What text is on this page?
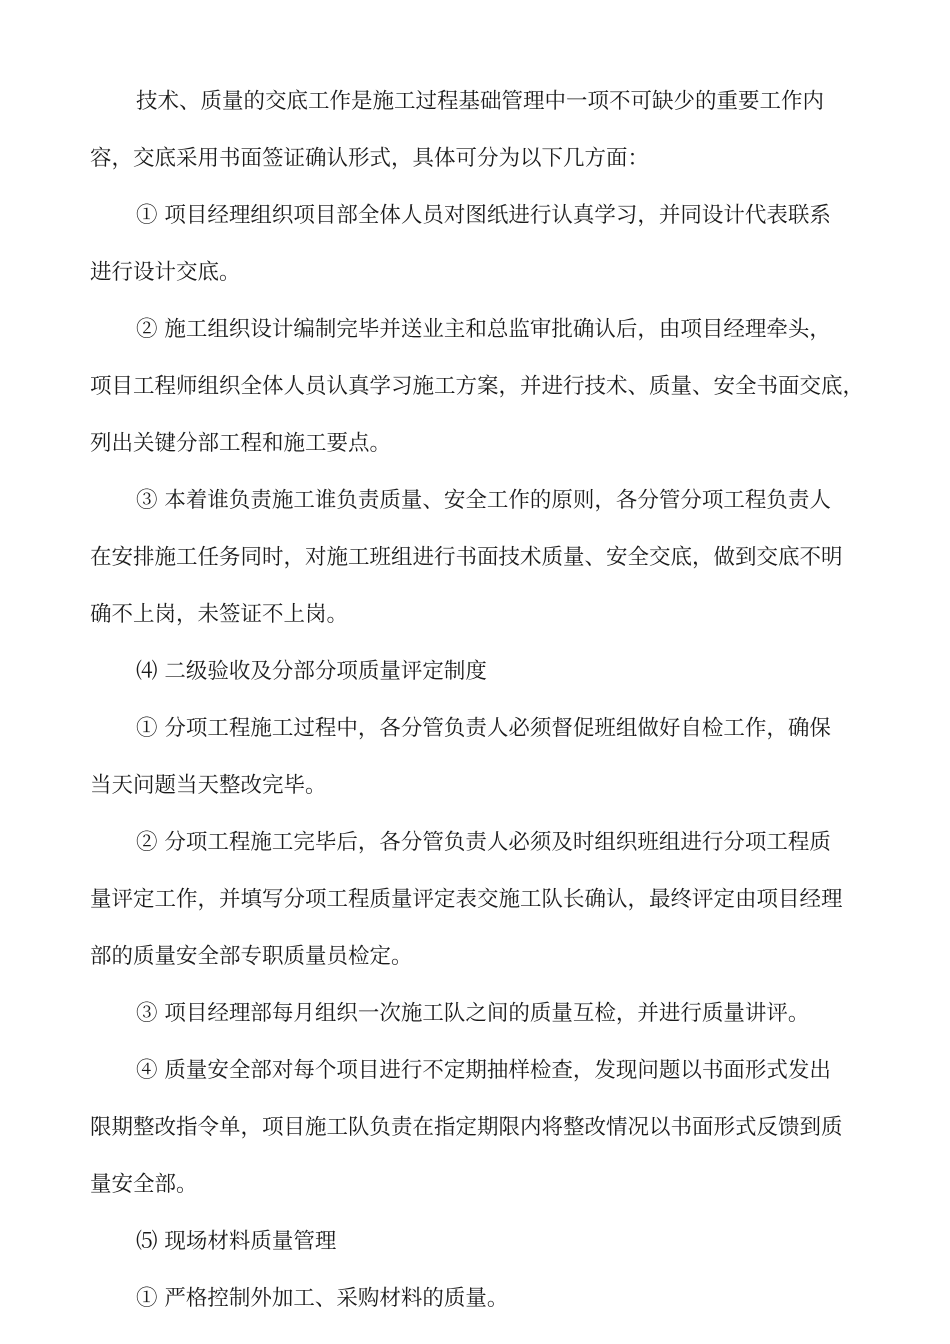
技术、质量的交底工作是施工过程基础管理中一项不可缺少的重要工作内

容，交底采用书面签证确认形式，具体可分为以下几方面：

① 项目经理组织项目部全体人员对图纸进行认真学习，并同设计代表联系

进行设计交底。

② 施工组织设计编制完毕并送业主和总监审批确认后，由项目经理牵头，

项目工程师组织全体人员认真学习施工方案，并进行技术、质量、安全书面交底，

列出关键分部工程和施工要点。

③ 本着谁负责施工谁负责质量、安全工作的原则，各分管分项工程负责人

在安排施工任务同时，对施工班组进行书面技术质量、安全交底，做到交底不明

确不上岗，未签证不上岗。

⑷ 二级验收及分部分项质量评定制度

① 分项工程施工过程中，各分管负责人必须督促班组做好自检工作，确保

当天问题当天整改完毕。

② 分项工程施工完毕后，各分管负责人必须及时组织班组进行分项工程质

量评定工作，并填写分项工程质量评定表交施工队长确认，最终评定由项目经理

部的质量安全部专职质量员检定。

③ 项目经理部每月组织一次施工队之间的质量互检，并进行质量讲评。

④ 质量安全部对每个项目进行不定期抽样检查，发现问题以书面形式发出

限期整改指令单，项目施工队负责在指定期限内将整改情况以书面形式反馈到质

量安全部。

⑸ 现场材料质量管理

① 严格控制外加工、采购材料的质量。
